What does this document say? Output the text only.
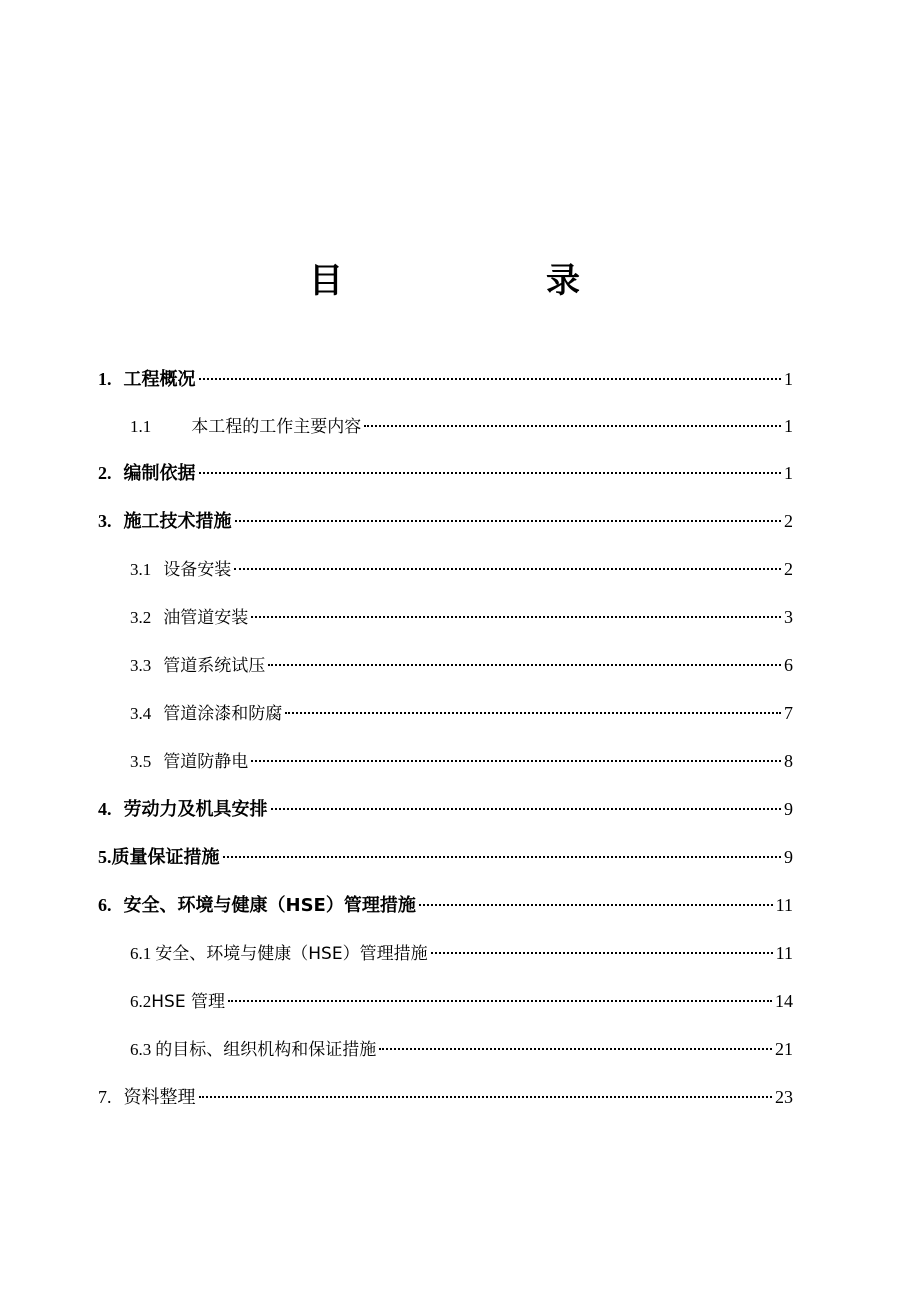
目	录
1. 工程概况	1
1.1 本工程的工作主要内容	1
2. 编制依据	1
3. 施工技术措施	2
3.1 设备安装	2
3.2 油管道安装	3
3.3 管道系统试压	6
3.4 管道涂漆和防腐	7
3.5 管道防静电	8
4. 劳动力及机具安排	9
5. 质量保证措施	9
6. 安全、环境与健康（HSE）管理措施	11
6.1 安全、环境与健康（HSE）管理措施	11
6.2 HSE 管理	14
6.3 的目标、组织机构和保证措施	21
7. 资料整理	23
